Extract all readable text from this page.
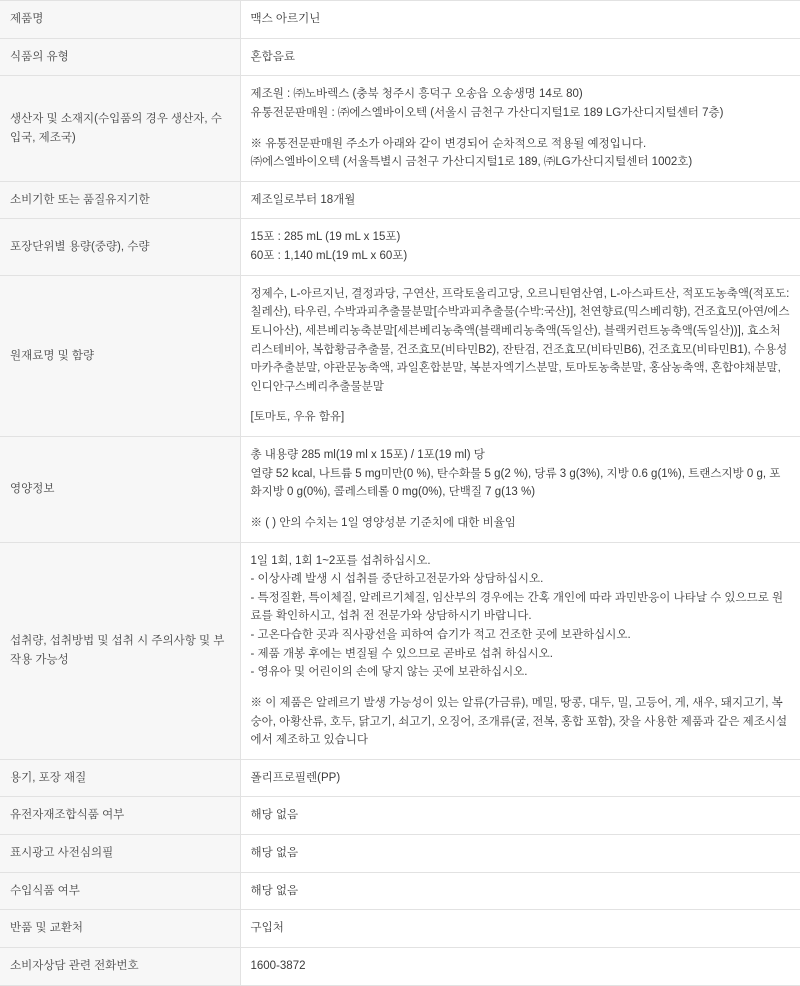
제품명	맥스 아르기닌

식품의 유형	혼합음료

생산자 및 소재지(수입품의 경우 생산자, 수입국, 제조국)	제조원 : ㈜노바렉스 (충북 청주시 흥덕구 오송읍 오송생명 14로 80)
유통전문판매원 : ㈜에스엘바이오텍 (서울시 금천구 가산디지털1로 189 LG가산디지털센터 7층)
※ 유통전문판매원 주소가 아래와 같이 변경되어 순차적으로 적용될 예정입니다.
㈜에스엘바이오텍 (서울특별시 금천구 가산디지털1로 189, ㈜LG가산디지털센터 1002호)

소비기한 또는 품질유지기한	제조일로부터 18개월

포장단위별 용량(중량), 수량	15포 : 285 mL (19 mL x 15포)
60포 : 1,140 mL(19 mL x 60포)

원재료명 및 함량	정제수, L-아르지닌, 결정과당, 구연산, 프락토올리고당, 오르니틴염산염, L-아스파트산, 적포도농축액(적포도:칠레산), 타우린, 수박과피추출물분말[수박과피추출물(수박:국산)], 천연향료(믹스베리향), 건조효모(아연/에스토니아산), 세븐베리농축분말[세븐베리농축액(블랙베리농축액(독일산), 블랙커런트농축액(독일산))], 효소처리스테비아, 복합황금추출물, 건조효모(비타민B2), 잔탄검, 건조효모(비타민B6), 건조효모(비타민B1), 수용성마카추출분말, 야관문농축액, 과일혼합분말, 복분자엑기스분말, 토마토농축분말, 홍삼농축액, 혼합야채분말, 인디안구스베리추출물분말
[토마토, 우유 함유]

영양정보	총 내용량 285 ml(19 ml x 15포) / 1포(19 ml) 당
열량 52 kcal, 나트륨 5 mg미만(0 %), 탄수화물 5 g(2 %), 당류 3 g(3%), 지방 0.6 g(1%), 트랜스지방 0 g, 포화지방 0 g(0%), 콜레스테롤 0 mg(0%), 단백질 7 g(13 %)
※ ( ) 안의 수치는 1일 영양성분 기준치에 대한 비율임

섭취량, 섭취방법 및 섭취 시 주의사항 및 부작용 가능성	
1일 1회, 1회 1~2포를 섭취하십시오.
- 이상사례 발생 시 섭취를 중단하고전문가와 상담하십시오.
- 특정질환, 특이체질, 알레르기체질, 임산부의 경우에는 간혹 개인에 따라 과민반응이 나타날 수 있으므로 원료를 확인하시고, 섭취 전 전문가와 상담하시기 바랍니다.
- 고온다습한 곳과 직사광선을 피하여 습기가 적고 건조한 곳에 보관하십시오.
- 제품 개봉 후에는 변질될 수 있으므로 곧바로 섭취 하십시오.
- 영유아 및 어린이의 손에 닿지 않는 곳에 보관하십시오.
※ 이 제품은 알레르기 발생 가능성이 있는 알류(가금류), 메밀, 땅콩, 대두, 밀, 고등어, 게, 새우, 돼지고기, 복숭아, 아황산류, 호두, 닭고기, 쇠고기, 오징어, 조개류(굴, 전복, 홍합 포함), 잣을 사용한 제품과 같은 제조시설에서 제조하고 있습니다

용기, 포장 재질	폴리프로필렌(PP)

유전자재조합식품 여부	해당 없음

표시광고 사전심의필	해당 없음

수입식품 여부	해당 없음

반품 및 교환처	구입처

소비자상담 관련 전화번호	1600-3872
